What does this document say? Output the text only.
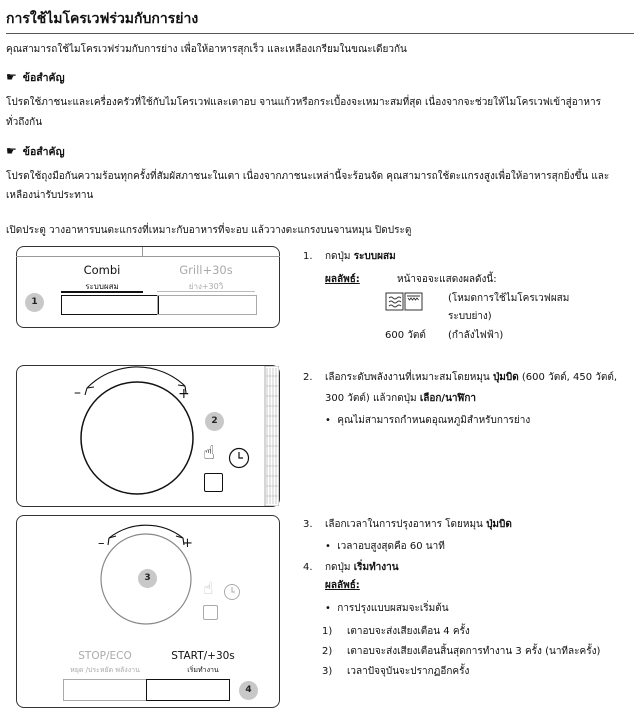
การใช้ไมโครเวฟร่วมกับการย่าง
คุณสามารถใช้ไมโครเวฟร่วมกับการย่าง เพื่อให้อาหารสุกเร็ว และเหลืองเกรียมในขณะเดียวกัน
☛ ข้อสำคัญ
โปรดใช้ภาชนะและเครื่องครัวที่ใช้กับไมโครเวฟและเตาอบ จานแก้วหรือกระเบื้องจะเหมาะสมที่สุด เนื่องจากจะช่วยให้ไมโครเวฟเข้าสู่อาหาร
ทั่วถึงกัน
☛ ข้อสำคัญ
โปรดใช้ถุงมือกันความร้อนทุกครั้งที่สัมผัสภาชนะในเตา เนื่องจากภาชนะเหล่านี้จะร้อนจัด คุณสามารถใช้ตะแกรงสูงเพื่อให้อาหารสุกยิ่งขึ้น และ
เหลืองน่ารับประทาน
เปิดประตู วางอาหารบนตะแกรงที่เหมาะกับอาหารที่จะอบ แล้ววางตะแกรงบนจานหมุน ปิดประตู
Combi
ระบบผสม
Grill+30s
ย่าง+30วิ
1
1. กดปุ่ม ระบบผสม
ผลลัพธ์:	หน้าจอจะแสดงผลดังนี้:
(โหมดการใช้ไมโครเวฟผสม
ระบบย่าง)
600 วัตต์ (กำลังไฟฟ้า)
–	+
2
☝
2. เลือกระดับพลังงานที่เหมาะสมโดยหมุน ปุ่มบิด (600 วัตต์, 450 วัตต์,
300 วัตต์) แล้วกดปุ่ม เลือก/นาฬิกา
•  คุณไม่สามารถกำหนดอุณหภูมิสำหรับการย่าง
–	+
3
☝
STOP/ECO
หยุด /ประหยัด พลังงาน
START/+30s
เริ่มทำงาน
4
3. เลือกเวลาในการปรุงอาหาร โดยหมุน ปุ่มบิด
•  เวลาอบสูงสุดคือ 60 นาที
4. กดปุ่ม เริ่มทำงาน
ผลลัพธ์:
•  การปรุงแบบผสมจะเริ่มต้น
1) เตาอบจะส่งเสียงเตือน 4 ครั้ง
2) เตาอบจะส่งเสียงเตือนสิ้นสุดการทำงาน 3 ครั้ง (นาทีละครั้ง)
3) เวลาปัจจุบันจะปรากฏอีกครั้ง
